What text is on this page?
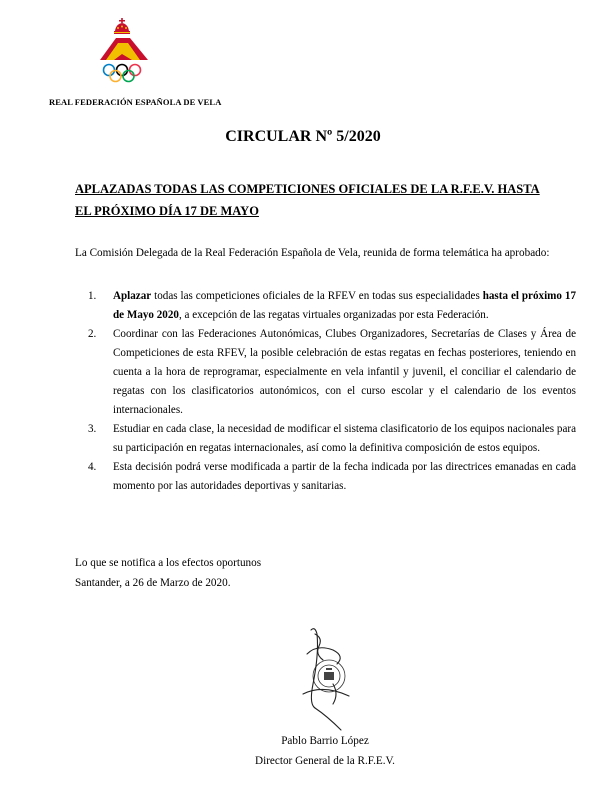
REAL FEDERACIÓN ESPAÑOLA DE VELA
CIRCULAR Nº 5/2020
APLAZADAS TODAS LAS COMPETICIONES OFICIALES DE LA R.F.E.V. HASTA
EL PRÓXIMO DÍA 17 DE MAYO

La Comisión Delegada de la Real Federación Española de Vela, reunida de forma telemática ha aprobado:

1. Aplazar todas las competiciones oficiales de la RFEV en todas sus especialidades hasta el próximo 17 de Mayo 2020, a excepción de las regatas virtuales organizadas por esta Federación.
2. Coordinar con las Federaciones Autonómicas, Clubes Organizadores, Secretarías de Clases y Área de Competiciones de esta RFEV, la posible celebración de estas regatas en fechas posteriores, teniendo en cuenta a la hora de reprogramar, especialmente en vela infantil y juvenil, el conciliar el calendario de regatas con los clasificatorios autonómicos, con el curso escolar y el calendario de los eventos internacionales.
3. Estudiar en cada clase, la necesidad de modificar el sistema clasificatorio de los equipos nacionales para su participación en regatas internacionales, así como la definitiva composición de estos equipos.
4. Esta decisión podrá verse modificada a partir de la fecha indicada por las directrices emanadas en cada momento por las autoridades deportivas y sanitarias.
Lo que se notifica a los efectos oportunos
Santander, a 26 de Marzo de 2020.
Pablo Barrio López
Director General de la R.F.E.V.
